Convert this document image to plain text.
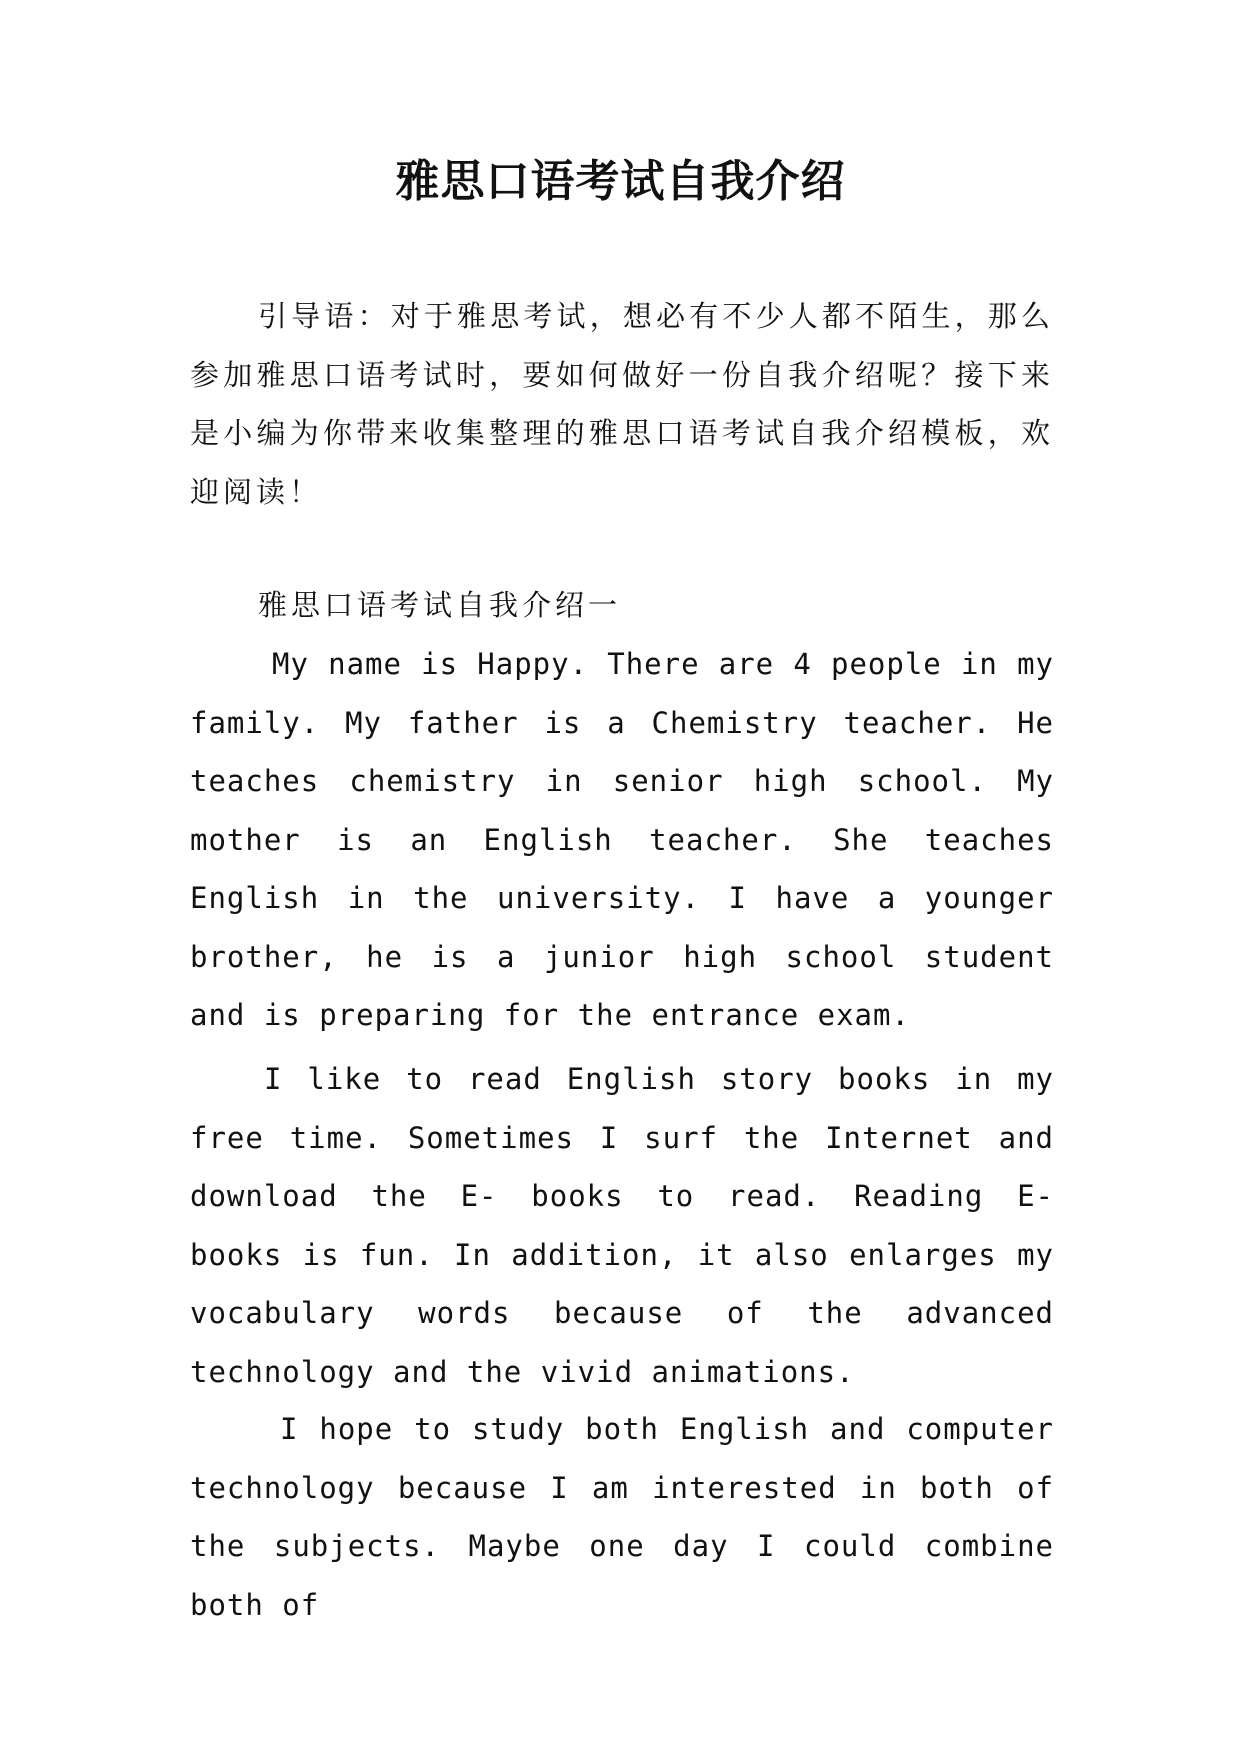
雅思口语考试自我介绍

引导语：对于雅思考试，想必有不少人都不陌生，那么参加雅思口语考试时，要如何做好一份自我介绍呢？接下来是小编为你带来收集整理的雅思口语考试自我介绍模板，欢迎阅读！

雅思口语考试自我介绍一

My name is Happy. There are 4 people in my family. My father is a Chemistry teacher. He teaches chemistry in senior high school. My mother is an English teacher. She teaches English in the university. I have a younger brother, he is a junior high school student and is preparing for the entrance exam.

I like to read English story books in my free time. Sometimes I surf the Internet and download the E- books to read. Reading E- books is fun. In addition, it also enlarges my vocabulary words because of the advanced technology and the vivid animations.

I hope to study both English and computer technology because I am interested in both of the subjects. Maybe one day I could combine both of
